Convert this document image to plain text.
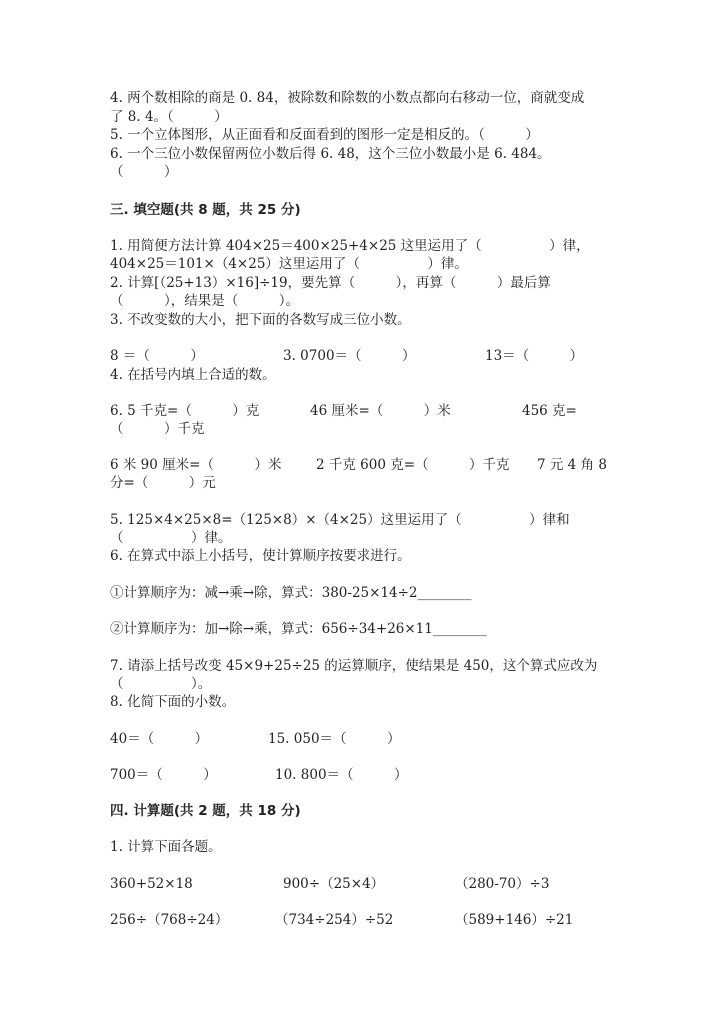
4. 两个数相除的商是 0. 84，被除数和除数的小数点都向右移动一位，商就变成
了 8. 4。（　　　）
5. 一个立体图形，从正面看和反面看到的图形一定是相反的。（　　　）
6. 一个三位小数保留两位小数后得 6. 48，这个三位小数最小是 6. 484。
（　　　）
三. 填空题(共 8 题，共 25 分)
1. 用简便方法计算 404×25＝400×25+4×25 这里运用了（　　　　　）律，
404×25＝101×（4×25）这里运用了（　　　　　）律。
2. 计算[（25+13）×16]÷19，要先算（　　　），再算（　　　）最后算
（　　　），结果是（　　　）。
3. 不改变数的大小，把下面的各数写成三位小数。
8 ＝（　　　）	3. 0700＝（　　　）	13＝（　　　）
4. 在括号内填上合适的数。
6. 5 千克=（　　　）克	46 厘米=（　　　）米	456 克=
（　　　）千克
6 米 90 厘米=（　　　）米	2 千克 600 克=（　　　）千克 7 元 4 角 8
分=（　　　）元
5. 125×4×25×8=（125×8）×（4×25）这里运用了（　　　　　）律和
（　　　　　）律。
6. 在算式中添上小括号，使计算顺序按要求进行。
①计算顺序为：减→乘→除，算式：380-25×14÷2________
②计算顺序为：加→除→乘，算式：656÷34+26×11________
7. 请添上括号改变 45×9+25÷25 的运算顺序，使结果是 450，这个算式应改为
（　　　　　）。
8. 化简下面的小数。
40＝（　　　）	15. 050＝（　　　）
700＝（　　　）	10. 800＝（　　　）
四. 计算题(共 2 题，共 18 分)
1. 计算下面各题。
360+52×18	900÷（25×4）	（280-70）÷3
256÷（768÷24）	（734÷254）÷52	（589+146）÷21
